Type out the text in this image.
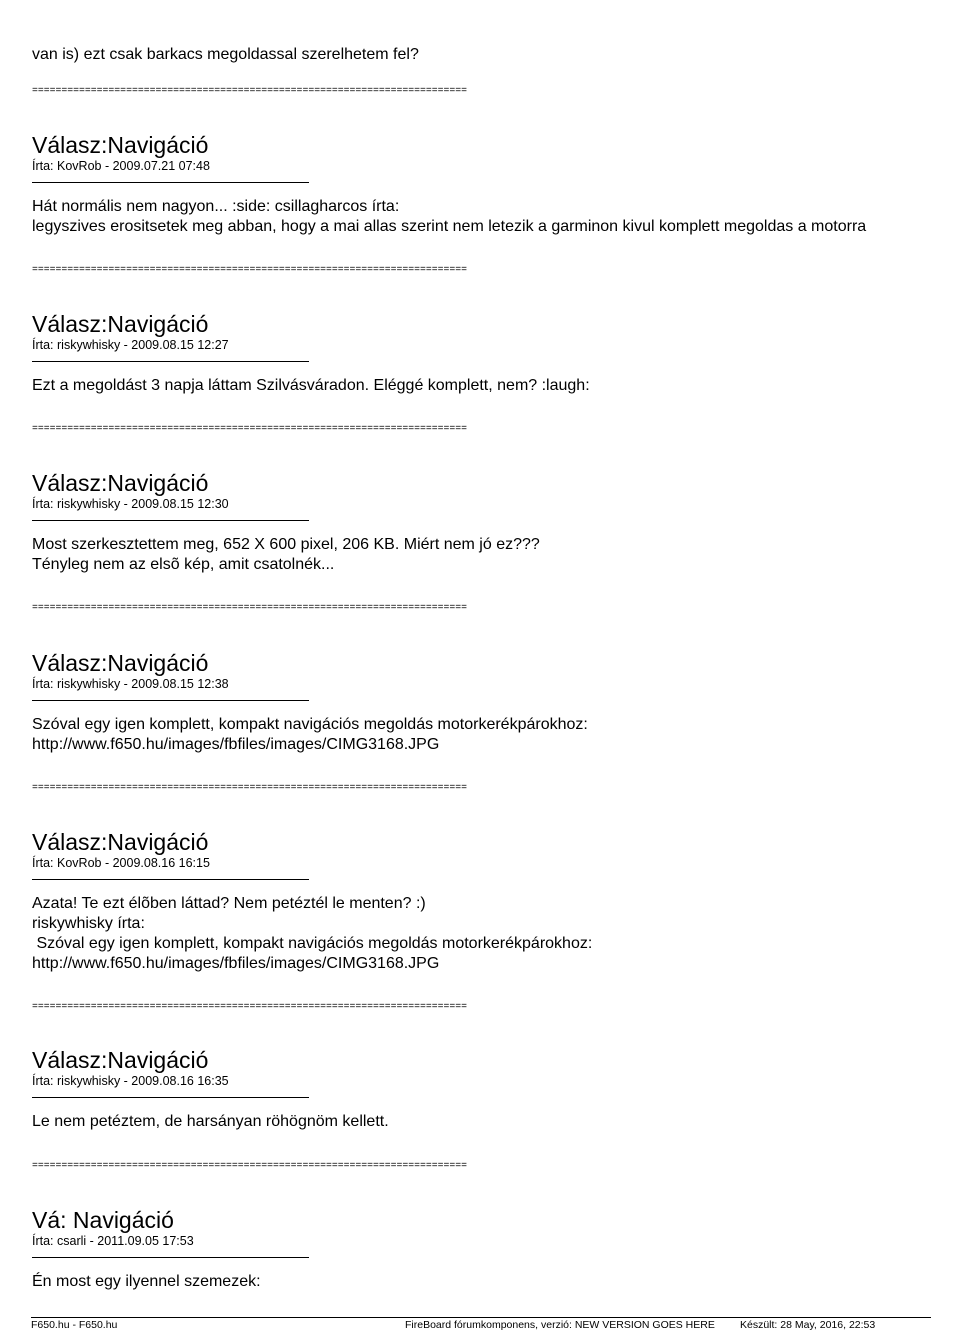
van is) ezt csak barkacs megoldassal szerelhetem fel?
==========================================================================
Válasz:Navigáció
Írta: KovRob - 2009.07.21 07:48
Hát normális nem nagyon... :side: csillagharcos írta:
legyszives erositsetek meg abban, hogy a mai allas szerint nem letezik a garminon kivul komplett megoldas a motorra
==========================================================================
Válasz:Navigáció
Írta: riskywhisky - 2009.08.15 12:27
Ezt a megoldást 3 napja láttam Szilvásváradon. Eléggé komplett, nem? :laugh:
==========================================================================
Válasz:Navigáció
Írta: riskywhisky - 2009.08.15 12:30
Most szerkesztettem meg, 652 X 600 pixel, 206 KB. Miért nem jó ez???
Tényleg nem az elsõ kép, amit csatolnék...
==========================================================================
Válasz:Navigáció
Írta: riskywhisky - 2009.08.15 12:38
Szóval egy igen komplett, kompakt navigációs megoldás motorkerékpárokhoz:
http://www.f650.hu/images/fbfiles/images/CIMG3168.JPG
==========================================================================
Válasz:Navigáció
Írta: KovRob - 2009.08.16 16:15
Azata! Te ezt élõben láttad? Nem petéztél le menten? :)
riskywhisky írta:
Szóval egy igen komplett, kompakt navigációs megoldás motorkerékpárokhoz:
http://www.f650.hu/images/fbfiles/images/CIMG3168.JPG
==========================================================================
Válasz:Navigáció
Írta: riskywhisky - 2009.08.16 16:35
Le nem petéztem, de harsányan röhögnöm kellett.
==========================================================================
Vá: Navigáció
Írta: csarli - 2011.09.05 17:53
Én most egy ilyennel szemezek:
F650.hu - F650.hu	FireBoard fórumkomponens, verzió: NEW VERSION GOES HERE Készült: 28 May, 2016, 22:53
